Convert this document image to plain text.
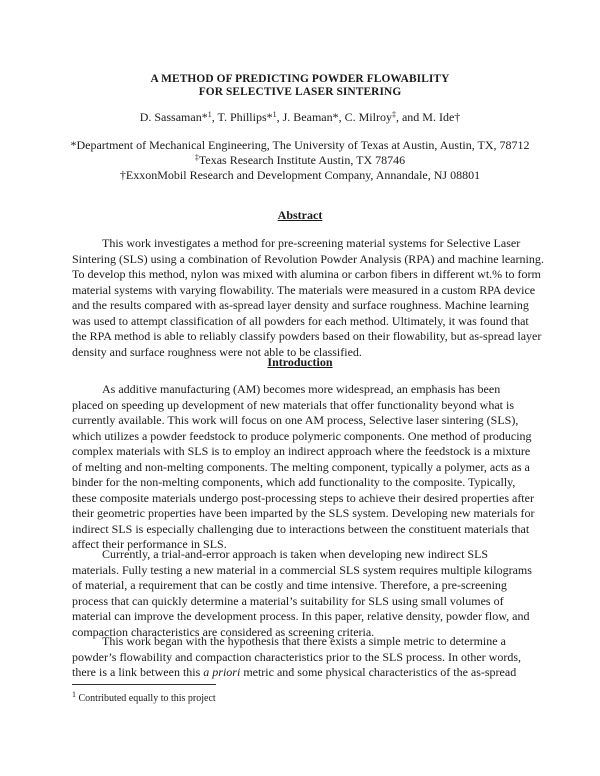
A METHOD OF PREDICTING POWDER FLOWABILITY
FOR SELECTIVE LASER SINTERING
D. Sassaman*$^1$, T. Phillips*$^1$, J. Beaman*, C. Milroy‡, and M. Ide†
*Department of Mechanical Engineering, The University of Texas at Austin, Austin, TX, 78712
‡Texas Research Institute Austin, TX 78746
†ExxonMobil Research and Development Company, Annandale, NJ 08801
Abstract
This work investigates a method for pre-screening material systems for Selective Laser
Sintering (SLS) using a combination of Revolution Powder Analysis (RPA) and machine learning.
To develop this method, nylon was mixed with alumina or carbon fibers in different wt.% to form
material systems with varying flowability. The materials were measured in a custom RPA device
and the results compared with as-spread layer density and surface roughness. Machine learning
was used to attempt classification of all powders for each method. Ultimately, it was found that
the RPA method is able to reliably classify powders based on their flowability, but as-spread layer
density and surface roughness were not able to be classified.
Introduction
As additive manufacturing (AM) becomes more widespread, an emphasis has been
placed on speeding up development of new materials that offer functionality beyond what is
currently available. This work will focus on one AM process, Selective laser sintering (SLS),
which utilizes a powder feedstock to produce polymeric components. One method of producing
complex materials with SLS is to employ an indirect approach where the feedstock is a mixture
of melting and non-melting components. The melting component, typically a polymer, acts as a
binder for the non-melting components, which add functionality to the composite. Typically,
these composite materials undergo post-processing steps to achieve their desired properties after
their geometric properties have been imparted by the SLS system. Developing new materials for
indirect SLS is especially challenging due to interactions between the constituent materials that
affect their performance in SLS.
Currently, a trial-and-error approach is taken when developing new indirect SLS
materials. Fully testing a new material in a commercial SLS system requires multiple kilograms
of material, a requirement that can be costly and time intensive. Therefore, a pre-screening
process that can quickly determine a material’s suitability for SLS using small volumes of
material can improve the development process. In this paper, relative density, powder flow, and
compaction characteristics are considered as screening criteria.
This work began with the hypothesis that there exists a simple metric to determine a
powder’s flowability and compaction characteristics prior to the SLS process. In other words,
there is a link between this a priori metric and some physical characteristics of the as-spread
$^1$ Contributed equally to this project
